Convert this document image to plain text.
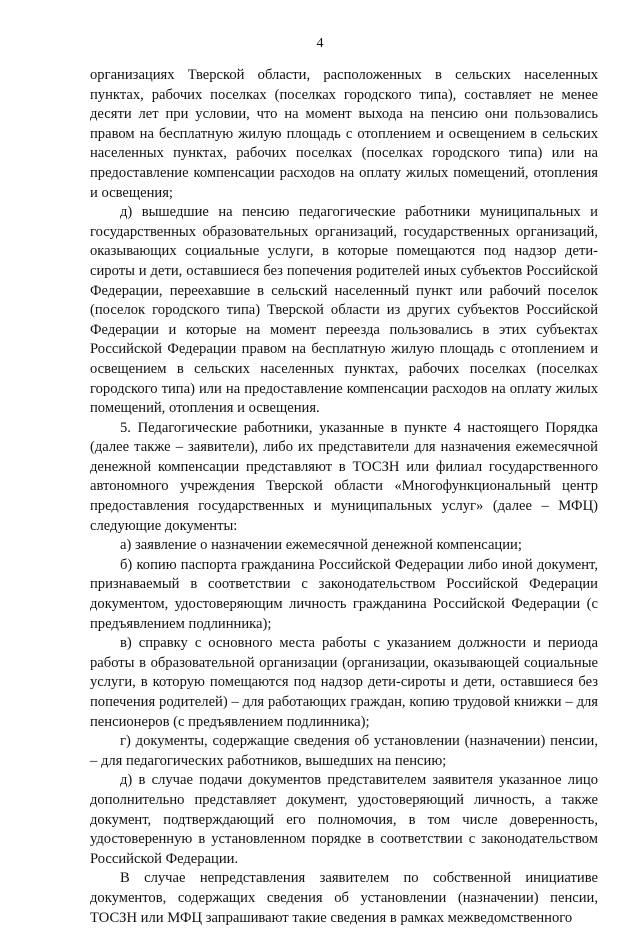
4

организациях Тверской области, расположенных в сельских населенных пунктах, рабочих поселках (поселках городского типа), составляет не менее десяти лет при условии, что на момент выхода на пенсию они пользовались правом на бесплатную жилую площадь с отоплением и освещением в сельских населенных пунктах, рабочих поселках (поселках городского типа) или на предоставление компенсации расходов на оплату жилых помещений, отопления и освещения;

д) вышедшие на пенсию педагогические работники муниципальных и государственных образовательных организаций, государственных организаций, оказывающих социальные услуги, в которые помещаются под надзор дети-сироты и дети, оставшиеся без попечения родителей иных субъектов Российской Федерации, переехавшие в сельский населенный пункт или рабочий поселок (поселок городского типа) Тверской области из других субъектов Российской Федерации и которые на момент переезда пользовались в этих субъектах Российской Федерации правом на бесплатную жилую площадь с отоплением и освещением в сельских населенных пунктах, рабочих поселках (поселках городского типа) или на предоставление компенсации расходов на оплату жилых помещений, отопления и освещения.

5. Педагогические работники, указанные в пункте 4 настоящего Порядка (далее также – заявители), либо их представители для назначения ежемесячной денежной компенсации представляют в ТОСЗН или филиал государственного автономного учреждения Тверской области «Многофункциональный центр предоставления государственных и муниципальных услуг» (далее – МФЦ) следующие документы:

а) заявление о назначении ежемесячной денежной компенсации;

б) копию паспорта гражданина Российской Федерации либо иной документ, признаваемый в соответствии с законодательством Российской Федерации документом, удостоверяющим личность гражданина Российской Федерации (с предъявлением подлинника);

в) справку с основного места работы с указанием должности и периода работы в образовательной организации (организации, оказывающей социальные услуги, в которую помещаются под надзор дети-сироты и дети, оставшиеся без попечения родителей) – для работающих граждан, копию трудовой книжки – для пенсионеров (с предъявлением подлинника);

г) документы, содержащие сведения об установлении (назначении) пенсии, – для педагогических работников, вышедших на пенсию;

д) в случае подачи документов представителем заявителя указанное лицо дополнительно представляет документ, удостоверяющий личность, а также документ, подтверждающий его полномочия, в том числе доверенность, удостоверенную в установленном порядке в соответствии с законодательством Российской Федерации.

В случае непредставления заявителем по собственной инициативе документов, содержащих сведения об установлении (назначении) пенсии, ТОСЗН или МФЦ запрашивают такие сведения в рамках межведомственного
